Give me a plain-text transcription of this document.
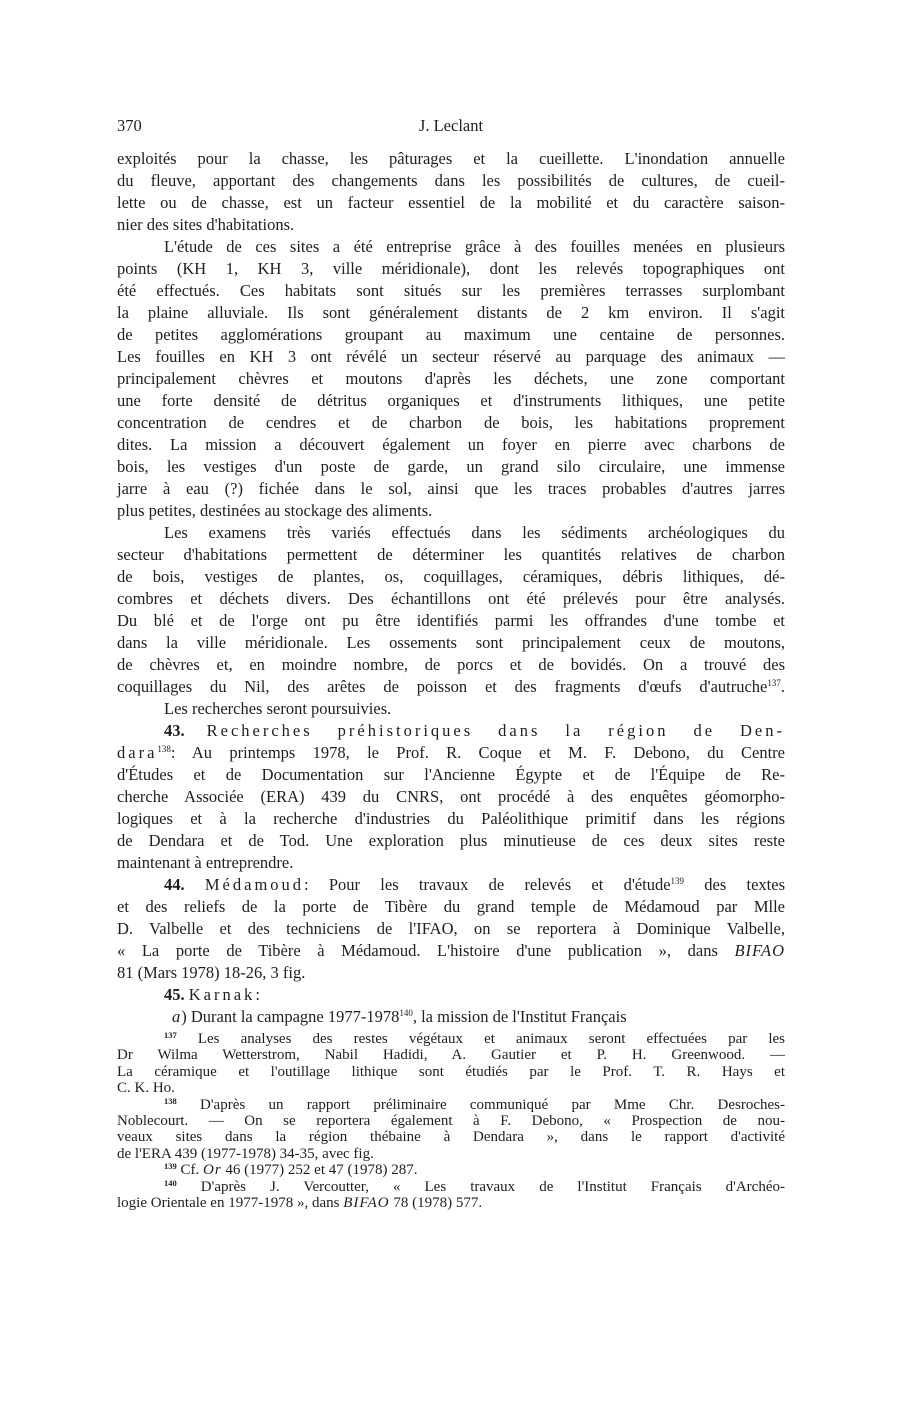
370	J. Leclant
exploités pour la chasse, les pâturages et la cueillette. L'inondation annuelle
du fleuve, apportant des changements dans les possibilités de cultures, de cueil-
lette ou de chasse, est un facteur essentiel de la mobilité et du caractère saison-
nier des sites d'habitations.
L'étude de ces sites a été entreprise grâce à des fouilles menées en plusieurs
points (KH 1, KH 3, ville méridionale), dont les relevés topographiques ont
été effectués. Ces habitats sont situés sur les premières terrasses surplombant
la plaine alluviale. Ils sont généralement distants de 2 km environ. Il s'agit
de petites agglomérations groupant au maximum une centaine de personnes.
Les fouilles en KH 3 ont révélé un secteur réservé au parquage des animaux —
principalement chèvres et moutons d'après les déchets, une zone comportant
une forte densité de détritus organiques et d'instruments lithiques, une petite
concentration de cendres et de charbon de bois, les habitations proprement
dites. La mission a découvert également un foyer en pierre avec charbons de
bois, les vestiges d'un poste de garde, un grand silo circulaire, une immense
jarre à eau (?) fichée dans le sol, ainsi que les traces probables d'autres jarres
plus petites, destinées au stockage des aliments.
Les examens très variés effectués dans les sédiments archéologiques du
secteur d'habitations permettent de déterminer les quantités relatives de charbon
de bois, vestiges de plantes, os, coquillages, céramiques, débris lithiques, dé-
combres et déchets divers. Des échantillons ont été prélevés pour être analysés.
Du blé et de l'orge ont pu être identifiés parmi les offrandes d'une tombe et
dans la ville méridionale. Les ossements sont principalement ceux de moutons,
de chèvres et, en moindre nombre, de porcs et de bovidés. On a trouvé des
coquillages du Nil, des arêtes de poisson et des fragments d'œufs d'autruche$^{137}$.
Les recherches seront poursuivies.
43. Recherches préhistoriques dans la région de Den-
dara$^{138}$: Au printemps 1978, le Prof. R. Coque et M. F. Debono, du Centre
d'Études et de Documentation sur l'Ancienne Égypte et de l'Équipe de Re-
cherche Associée (ERA) 439 du CNRS, ont procédé à des enquêtes géomorpho-
logiques et à la recherche d'industries du Paléolithique primitif dans les régions
de Dendara et de Tod. Une exploration plus minutieuse de ces deux sites reste
maintenant à entreprendre.
44. Médamoud: Pour les travaux de relevés et d'étude$^{139}$ des textes
et des reliefs de la porte de Tibère du grand temple de Médamoud par Mlle
D. Valbelle et des techniciens de l'IFAO, on se reportera à Dominique Valbelle,
« La porte de Tibère à Médamoud. L'histoire d'une publication », dans BIFAO
81 (Mars 1978) 18-26, 3 fig.
45. Karnak:
a) Durant la campagne 1977-1978$^{140}$, la mission de l'Institut Français
$^{137}$ Les analyses des restes végétaux et animaux seront effectuées par les
Dr Wilma Wetterstrom, Nabil Hadidi, A. Gautier et P. H. Greenwood. —
La céramique et l'outillage lithique sont étudiés par le Prof. T. R. Hays et
C. K. Ho.
$^{138}$ D'après un rapport préliminaire communiqué par Mme Chr. Desroches-
Noblecourt. — On se reportera également à F. Debono, « Prospection de nou-
veaux sites dans la région thébaine à Dendara », dans le rapport d'activité
de l'ERA 439 (1977-1978) 34-35, avec fig.
$^{139}$ Cf. Or 46 (1977) 252 et 47 (1978) 287.
$^{140}$ D'après J. Vercoutter, « Les travaux de l'Institut Français d'Archéo-
logie Orientale en 1977-1978 », dans BIFAO 78 (1978) 577.
